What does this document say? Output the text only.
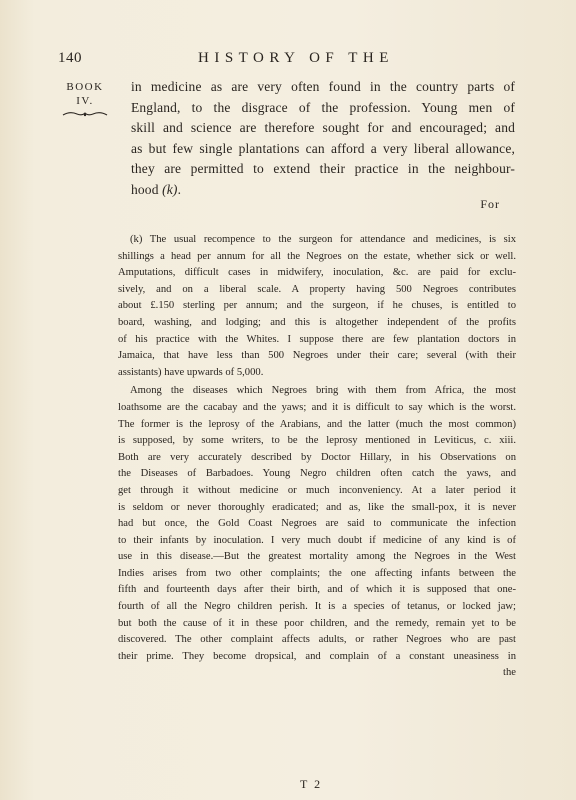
140	HISTORY OF THE
BOOK
IV.
in medicine as are very often found in the country parts of
England, to the disgrace of the profession. Young men of
skill and science are therefore sought for and encouraged; and
as but few single plantations can afford a very liberal allowance,
they are permitted to extend their practice in the neighbour-
hood (k).
For

(k) The usual recompence to the surgeon for attendance and medicines, is six
shillings a head per annum for all the Negroes on the estate, whether sick or well.
Amputations, difficult cases in midwifery, inoculation, &c. are paid for exclu-
sively, and on a liberal scale. A property having 500 Negroes contributes
about £.150 sterling per annum; and the surgeon, if he chuses, is entitled to
board, washing, and lodging; and this is altogether independent of the profits
of his practice with the Whites. I suppose there are few plantation doctors in
Jamaica, that have less than 500 Negroes under their care; several (with their
assistants) have upwards of 5,000.

Among the diseases which Negroes bring with them from Africa, the most
loathsome are the cacabay and the yaws; and it is difficult to say which is the worst.
The former is the leprosy of the Arabians, and the latter (much the most common)
is supposed, by some writers, to be the leprosy mentioned in Leviticus, c. xiii.
Both are very accurately described by Doctor Hillary, in his Observations on
the Diseases of Barbadoes. Young Negro children often catch the yaws, and
get through it without medicine or much inconveniency. At a later period it
is seldom or never thoroughly eradicated; and as, like the small-pox, it is never
had but once, the Gold Coast Negroes are said to communicate the infection
to their infants by inoculation. I very much doubt if medicine of any kind is of
use in this disease.—But the greatest mortality among the Negroes in the West
Indies arises from two other complaints; the one affecting infants between the
fifth and fourteenth days after their birth, and of which it is supposed that one-
fourth of all the Negro children perish. It is a species of tetanus, or locked jaw;
but both the cause of it in these poor children, and the remedy, remain yet to be
discovered. The other complaint affects adults, or rather Negroes who are past
their prime. They become dropsical, and complain of a constant uneasiness in
the

T 2
